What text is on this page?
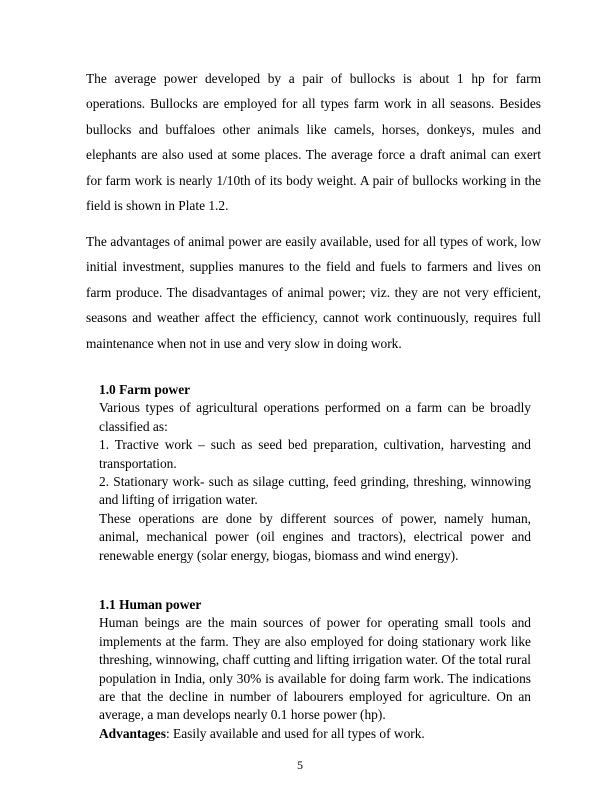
The average power developed by a pair of bullocks is about 1 hp for farm operations. Bullocks are employed for all types farm work in all seasons. Besides bullocks and buffaloes other animals like camels, horses, donkeys, mules and elephants are also used at some places. The average force a draft animal can exert for farm work is nearly 1/10th of its body weight. A pair of bullocks working in the field is shown in Plate 1.2.

The advantages of animal power are easily available, used for all types of work, low initial investment, supplies manures to the field and fuels to farmers and lives on farm produce. The disadvantages of animal power; viz. they are not very efficient, seasons and weather affect the efficiency, cannot work continuously, requires full maintenance when not in use and very slow in doing work.

1.0 Farm power
Various types of agricultural operations performed on a farm can be broadly classified as:
1. Tractive work – such as seed bed preparation, cultivation, harvesting and transportation.
2. Stationary work- such as silage cutting, feed grinding, threshing, winnowing and lifting of irrigation water.
These operations are done by different sources of power, namely human, animal, mechanical power (oil engines and tractors), electrical power and renewable energy (solar energy, biogas, biomass and wind energy).
1.1 Human power
Human beings are the main sources of power for operating small tools and implements at the farm. They are also employed for doing stationary work like threshing, winnowing, chaff cutting and lifting irrigation water. Of the total rural population in India, only 30% is available for doing farm work. The indications are that the decline in number of labourers employed for agriculture. On an average, a man develops nearly 0.1 horse power (hp).
Advantages: Easily available and used for all types of work.
5
